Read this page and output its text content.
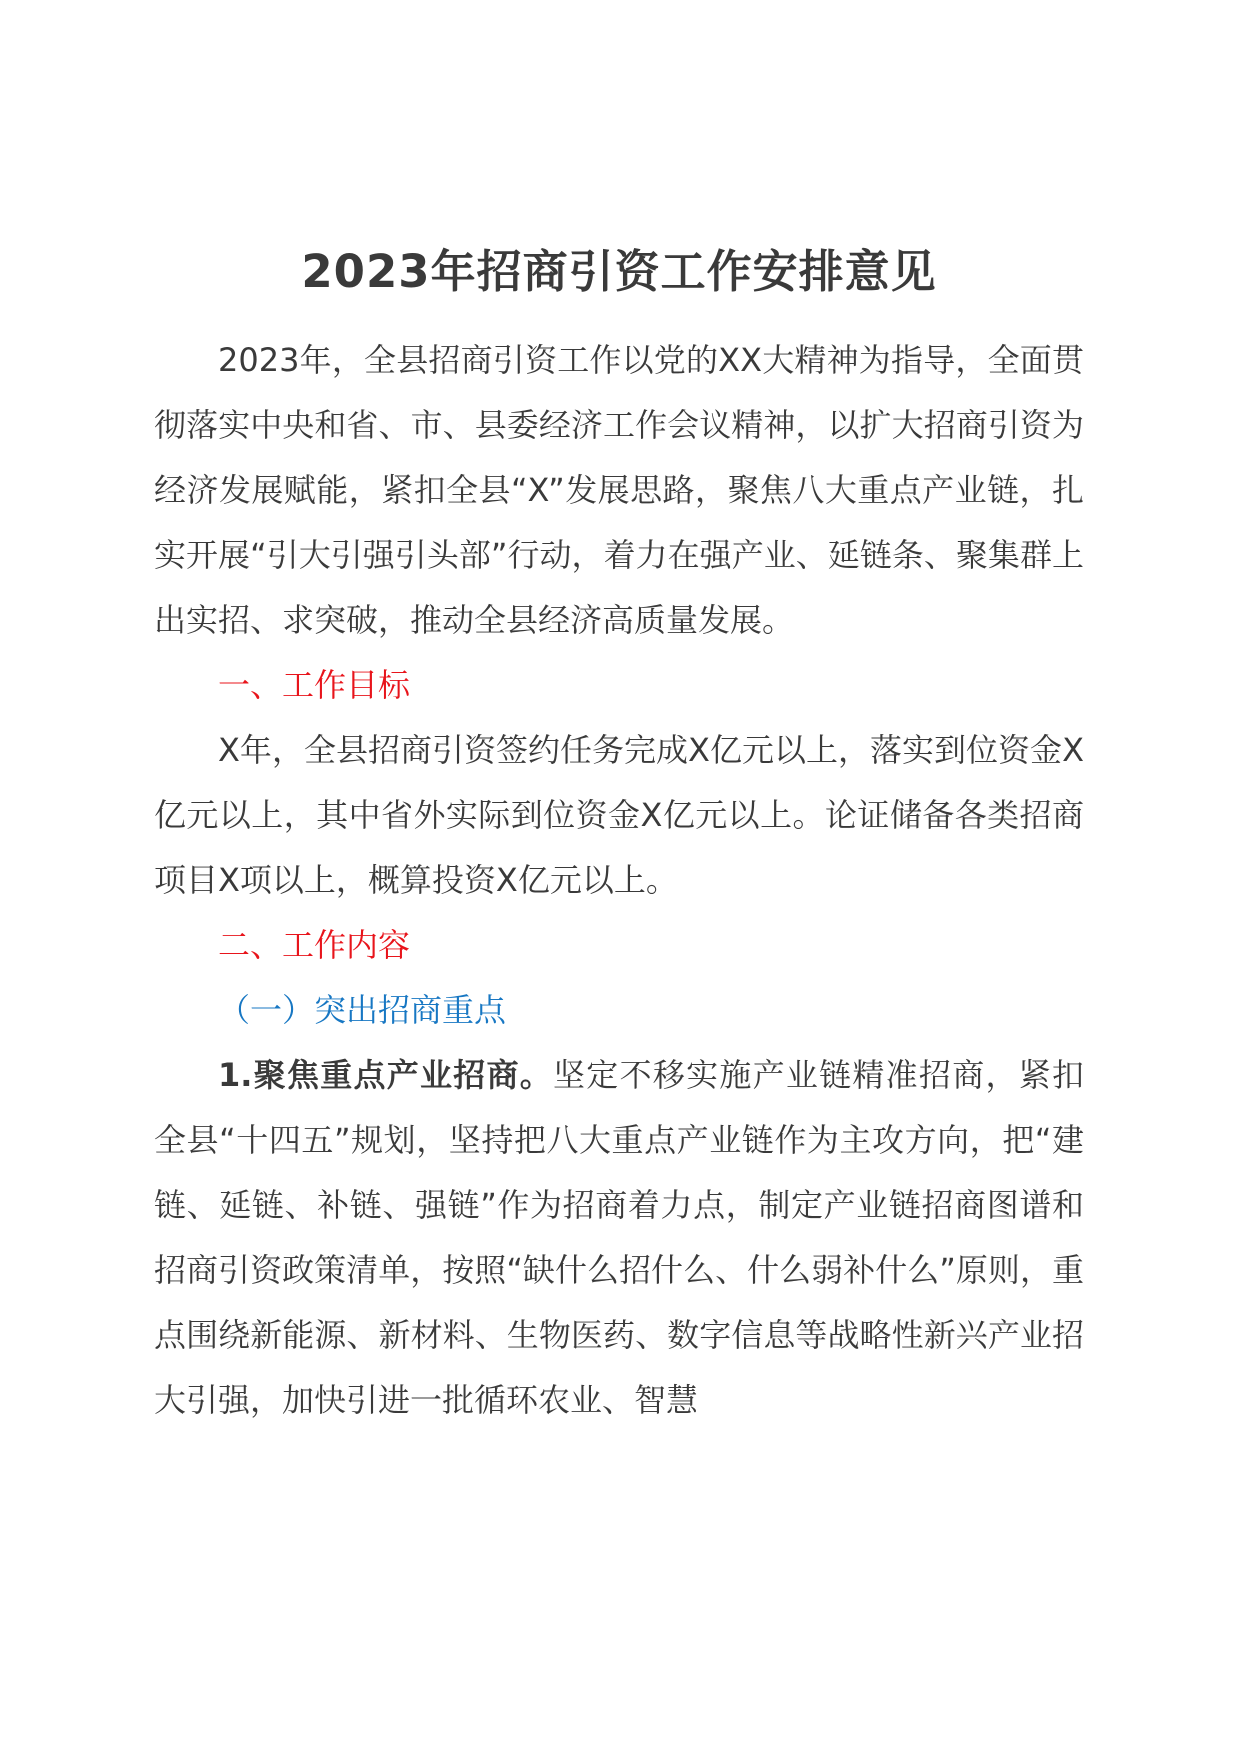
2023年招商引资工作安排意见

2023年，全县招商引资工作以党的XX大精神为指导，全面贯彻落实中央和省、市、县委经济工作会议精神，以扩大招商引资为经济发展赋能，紧扣全县“X”发展思路，聚焦八大重点产业链，扎实开展“引大引强引头部”行动，着力在强产业、延链条、聚集群上出实招、求突破，推动全县经济高质量发展。

一、工作目标

X年，全县招商引资签约任务完成X亿元以上，落实到位资金X亿元以上，其中省外实际到位资金X亿元以上。论证储备各类招商项目X项以上，概算投资X亿元以上。

二、工作内容
（一）突出招商重点

1.聚焦重点产业招商。坚定不移实施产业链精准招商，紧扣全县“十四五”规划，坚持把八大重点产业链作为主攻方向，把“建链、延链、补链、强链”作为招商着力点，制定产业链招商图谱和招商引资政策清单，按照“缺什么招什么、什么弱补什么”原则，重点围绕新能源、新材料、生物医药、数字信息等战略性新兴产业招大引强，加快引进一批循环农业、智慧
